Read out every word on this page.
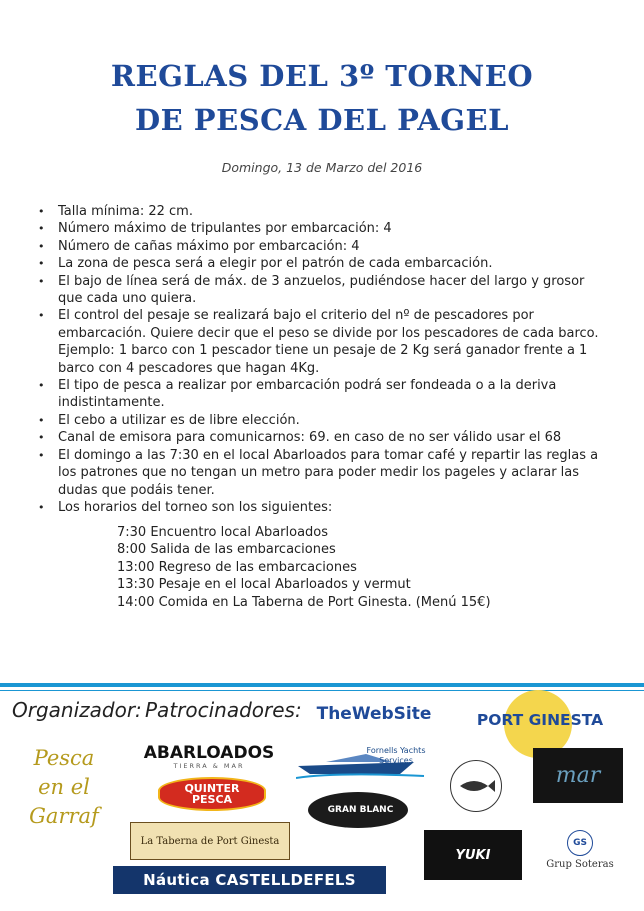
REGLAS DEL 3º TORNEO
DE PESCA DEL PAGEL
Domingo, 13 de Marzo del 2016
• Talla mínima: 22 cm.
• Número máximo de tripulantes por embarcación: 4
• Número de cañas máximo por embarcación: 4
• La zona de pesca será a elegir por el patrón de cada embarcación.
• El bajo de línea será de máx. de 3 anzuelos, pudiéndose hacer del largo y grosor que cada uno quiera.
• El control del pesaje se realizará bajo el criterio del nº de pescadores por embarcación. Quiere decir que el peso se divide por los pescadores de cada barco. Ejemplo: 1 barco con 1 pescador tiene un pesaje de 2 Kg será ganador frente a 1 barco con 4 pescadores que hagan 4Kg.
• El tipo de pesca a realizar por embarcación podrá ser fondeada o a la deriva indistintamente.
• El cebo a utilizar es de libre elección.
• Canal de emisora para comunicarnos: 69. en caso de no ser válido usar el 68
• El domingo a las 7:30 en el local Abarloados para tomar café y repartir las reglas a los patrones que no tengan un metro para poder medir los pageles y aclarar las dudas que podáis tener.
• Los horarios del torneo son los siguientes:
7:30 Encuentro local Abarloados
8:00 Salida de las embarcaciones
13:00 Regreso de las embarcaciones
13:30 Pesaje en el local Abarloados y vermut
14:00 Comida en La Taberna de Port Ginesta. (Menú 15€)
Organizador: Patrocinadores:
Pesca
en el
Garraf
TheWebSite	PORT GINESTA
ABARLOADOS
TIERRA & MAR
Fornells Yachts Services
mar
QUINTER
PESCA
GRAN BLANC
La Taberna de Port Ginesta
YUKI
GS
Grup Soteras
Náutica CASTELLDEFELS
